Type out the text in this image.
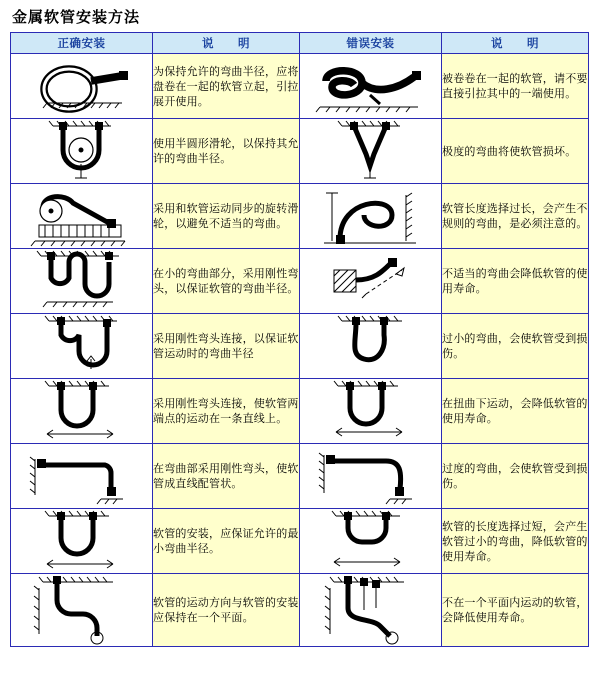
金属软管安装方法
正确安装	说　　明	错误安装	说　　明

	为保持允许的弯曲半径，应将盘卷在一起的软管立起，引拉展开使用。		被卷卷在一起的软管，请不要直接引拉其中的一端使用。

	使用半圆形滑轮，以保持其允许的弯曲半径。		极度的弯曲将使软管损坏。

	采用和软管运动同步的旋转滑轮，以避免不适当的弯曲。		软管长度选择过长，会产生不规则的弯曲，是必须注意的。

	在小的弯曲部分，采用刚性弯头，以保证软管的弯曲半径。		不适当的弯曲会降低软管的使用寿命。

	采用刚性弯头连接，以保证软管运动时的弯曲半径		过小的弯曲，会使软管受到损伤。

	采用刚性弯头连接，使软管两端点的运动在一条直线上。		在扭曲下运动，会降低软管的使用寿命。

	在弯曲部采用刚性弯头，使软管成直线配管状。		过度的弯曲，会使软管受到损伤。

	软管的安装，应保证允许的最小弯曲半径。		软管的长度选择过短，会产生软管过小的弯曲，降低软管的使用寿命。

	软管的运动方向与软管的安装应保持在一个平面。		不在一个平面内运动的软管，会降低使用寿命。
